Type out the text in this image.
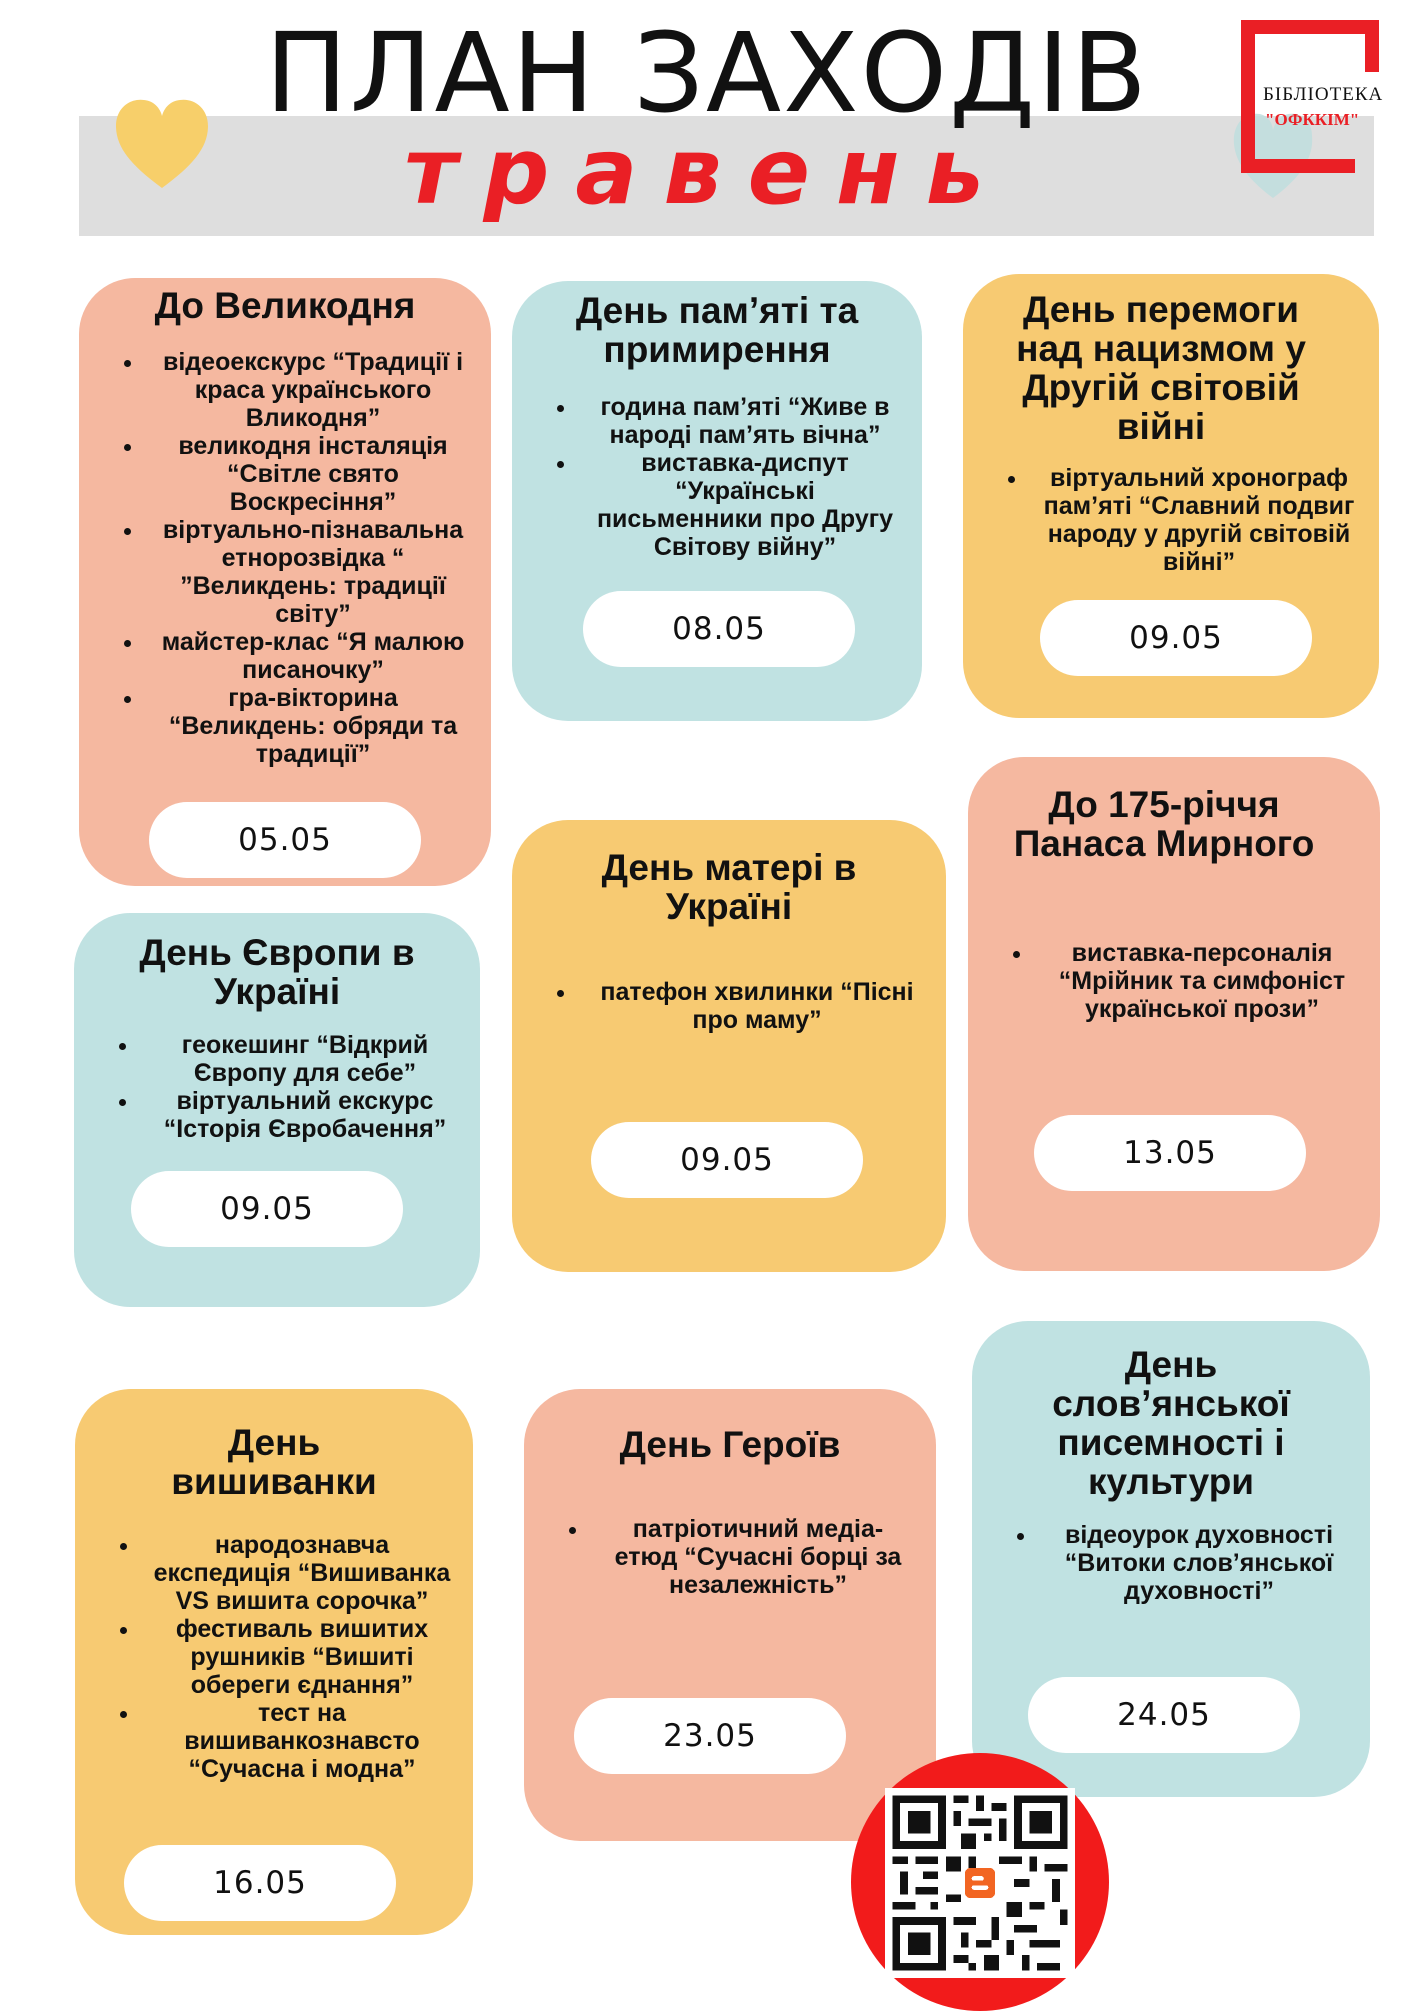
ПЛАН ЗАХОДІВ
травень
БІБЛІОТЕКА
"ОФККІМ"
До Великодня
• відеоекскурс “Традиції і краса українського Вликодня”
• великодня інсталяція “Світле свято Воскресіння”
• віртуально-пізнавальна етнорозвідка “ ”Великдень: традиції світу”
• майстер-клас “Я малюю писаночку”
• гра-вікторина “Великдень: обряди та традиції”
05.05
День пам’яті та примирення
• година пам’яті “Живе в народі пам’ять вічна”
• виставка-диспут “Українські письменники про Другу Світову війну”
08.05
День перемоги над нацизмом у Другій світовій війні
• віртуальний хронограф пам’яті “Славний подвиг народу у другій світовій війні”
09.05
День Європи в Україні
• геокешинг “Відкрий Європу для себе”
• віртуальний екскурс “Історія Євробачення”
09.05
День матері в Україні
• патефон хвилинки “Пісні про маму”
09.05
До 175-річчя Панаса Мирного
• виставка-персоналія “Мрійник та симфоніст української прози”
13.05
День вишиванки
• народознавча експедиція “Вишиванка VS вишита сорочка”
• фестиваль вишитих рушників “Вишиті обереги єднання”
• тест на вишиванкознавсто “Сучасна і модна”
16.05
День Героїв
• патріотичний медіа-етюд “Сучасні борці за незалежність”
23.05
День слов’янської писемності і культури
• відеоурок духовності “Витоки слов’янської духовності”
24.05
